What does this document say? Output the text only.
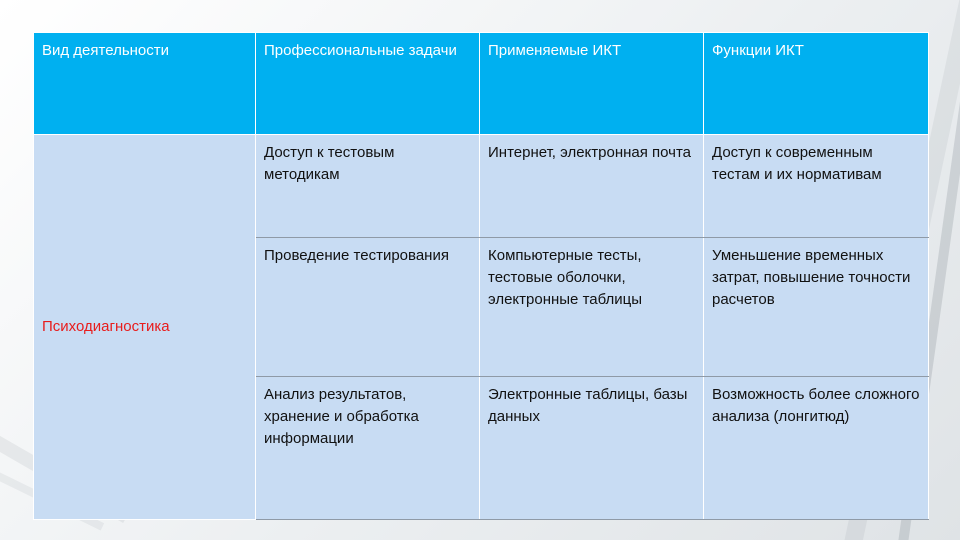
Вид деятельности	Профессиональные задачи	Применяемые ИКТ	Функции ИКТ
Психодиагностика	Доступ к тестовым методикам	Интернет, электронная почта	Доступ к современным тестам и их нормативам
	Проведение тестирования	Компьютерные тесты, тестовые оболочки, электронные таблицы	Уменьшение временных затрат, повышение точности расчетов
	Анализ результатов, хранение и обработка информации	Электронные таблицы, базы данных	Возможность более сложного анализа (лонгитюд)
